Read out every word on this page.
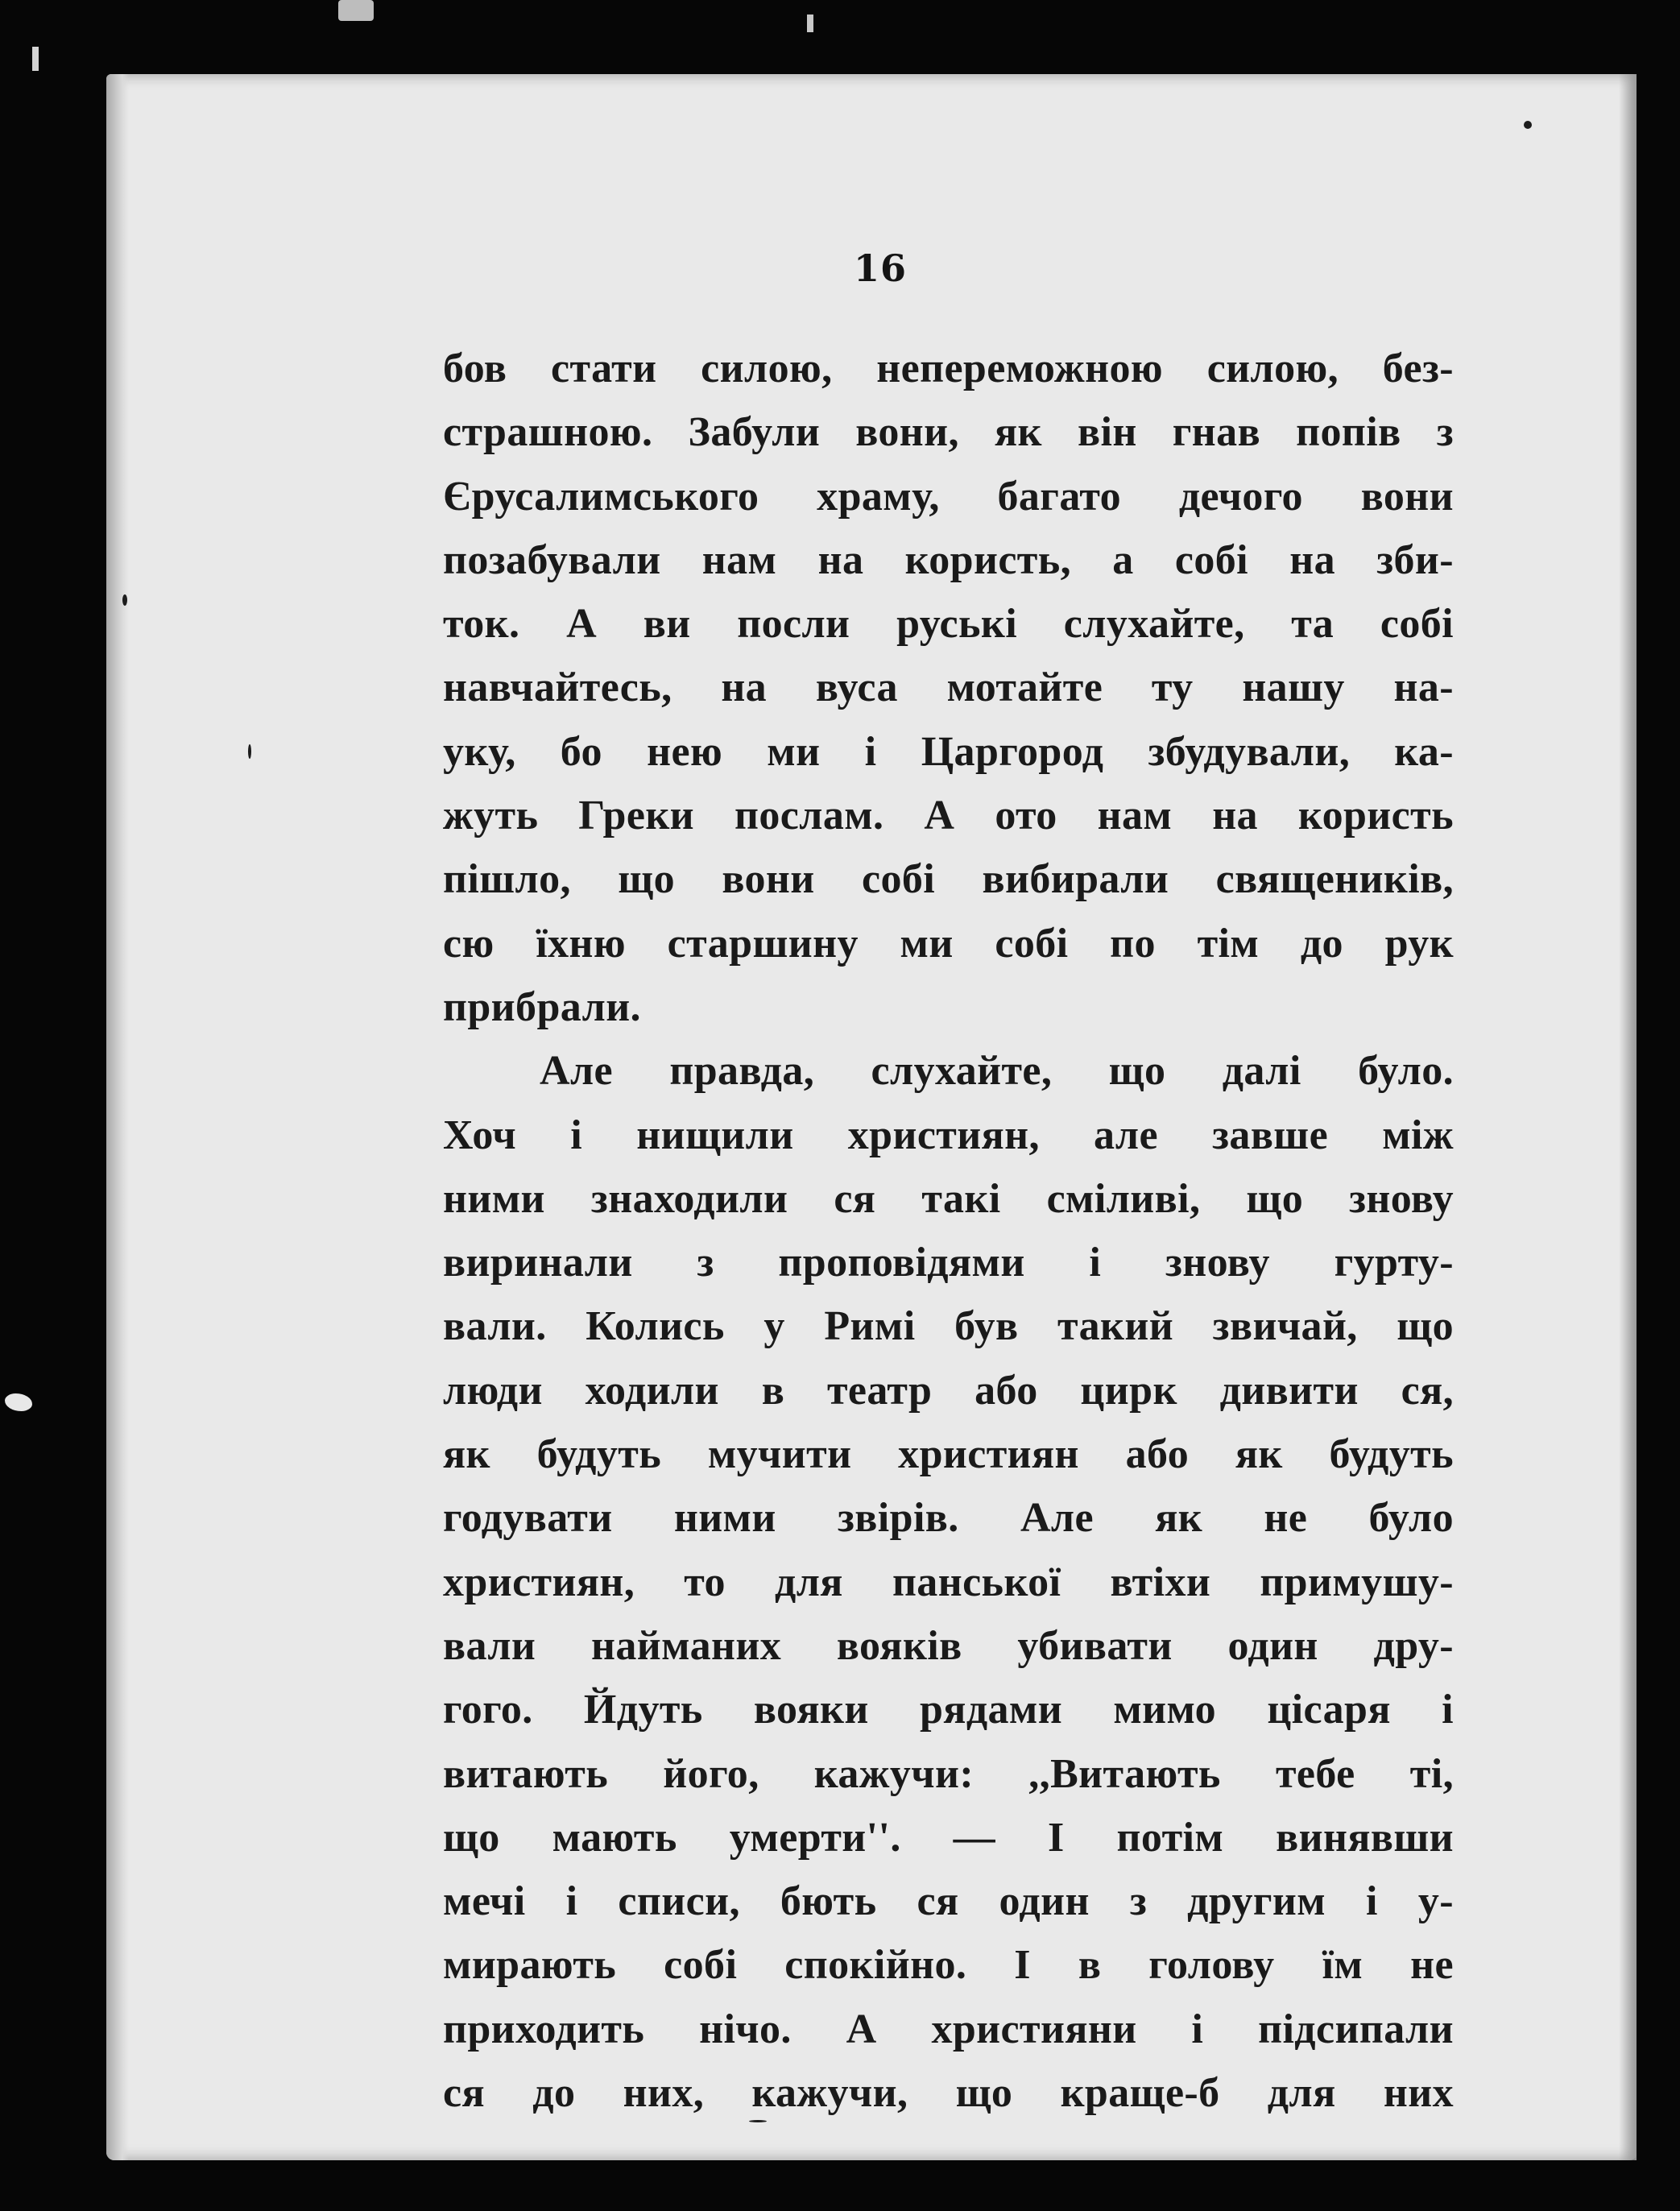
16
бов стати силою, непереможною силою, без-
страшною. Забули вони, як він гнав попів з
Єрусалимського храму, багато дечого вони
позабували нам на користь, а собі на зби-
ток. А ви посли руські слухайте, та собі
навчайтесь, на вуса мотайте ту нашу на-
уку, бо нею ми і Царгород збудували, ка-
жуть Греки послам. А ото нам на користь
пішло, що вони собі вибирали священиків,
сю їхню старшину ми собі по тім до рук
прибрали.
Але правда, слухайте, що далі було.
Хоч і нищили християн, але завше між
ними знаходили ся такі сміливі, що знову
виринали з проповідями і знову гурту-
вали. Колись у Римі був такий звичай, що
люди ходили в театр або цирк дивити ся,
як будуть мучити християн або як будуть
годувати ними звірів. Але як не було
християн, то для панської втіхи примушу-
вали найманих вояків убивати один дру-
гого. Йдуть вояки рядами мимо цісаря і
витають його, кажучи: ,,Витають тебе ті,
що мають умерти''. — І потім винявши
мечі і списи, бють ся один з другим і у-
мирають собі спокійно. І в голову їм не
приходить нічо. А християни і підсипали
ся до них, кажучи, що краще-б для них
